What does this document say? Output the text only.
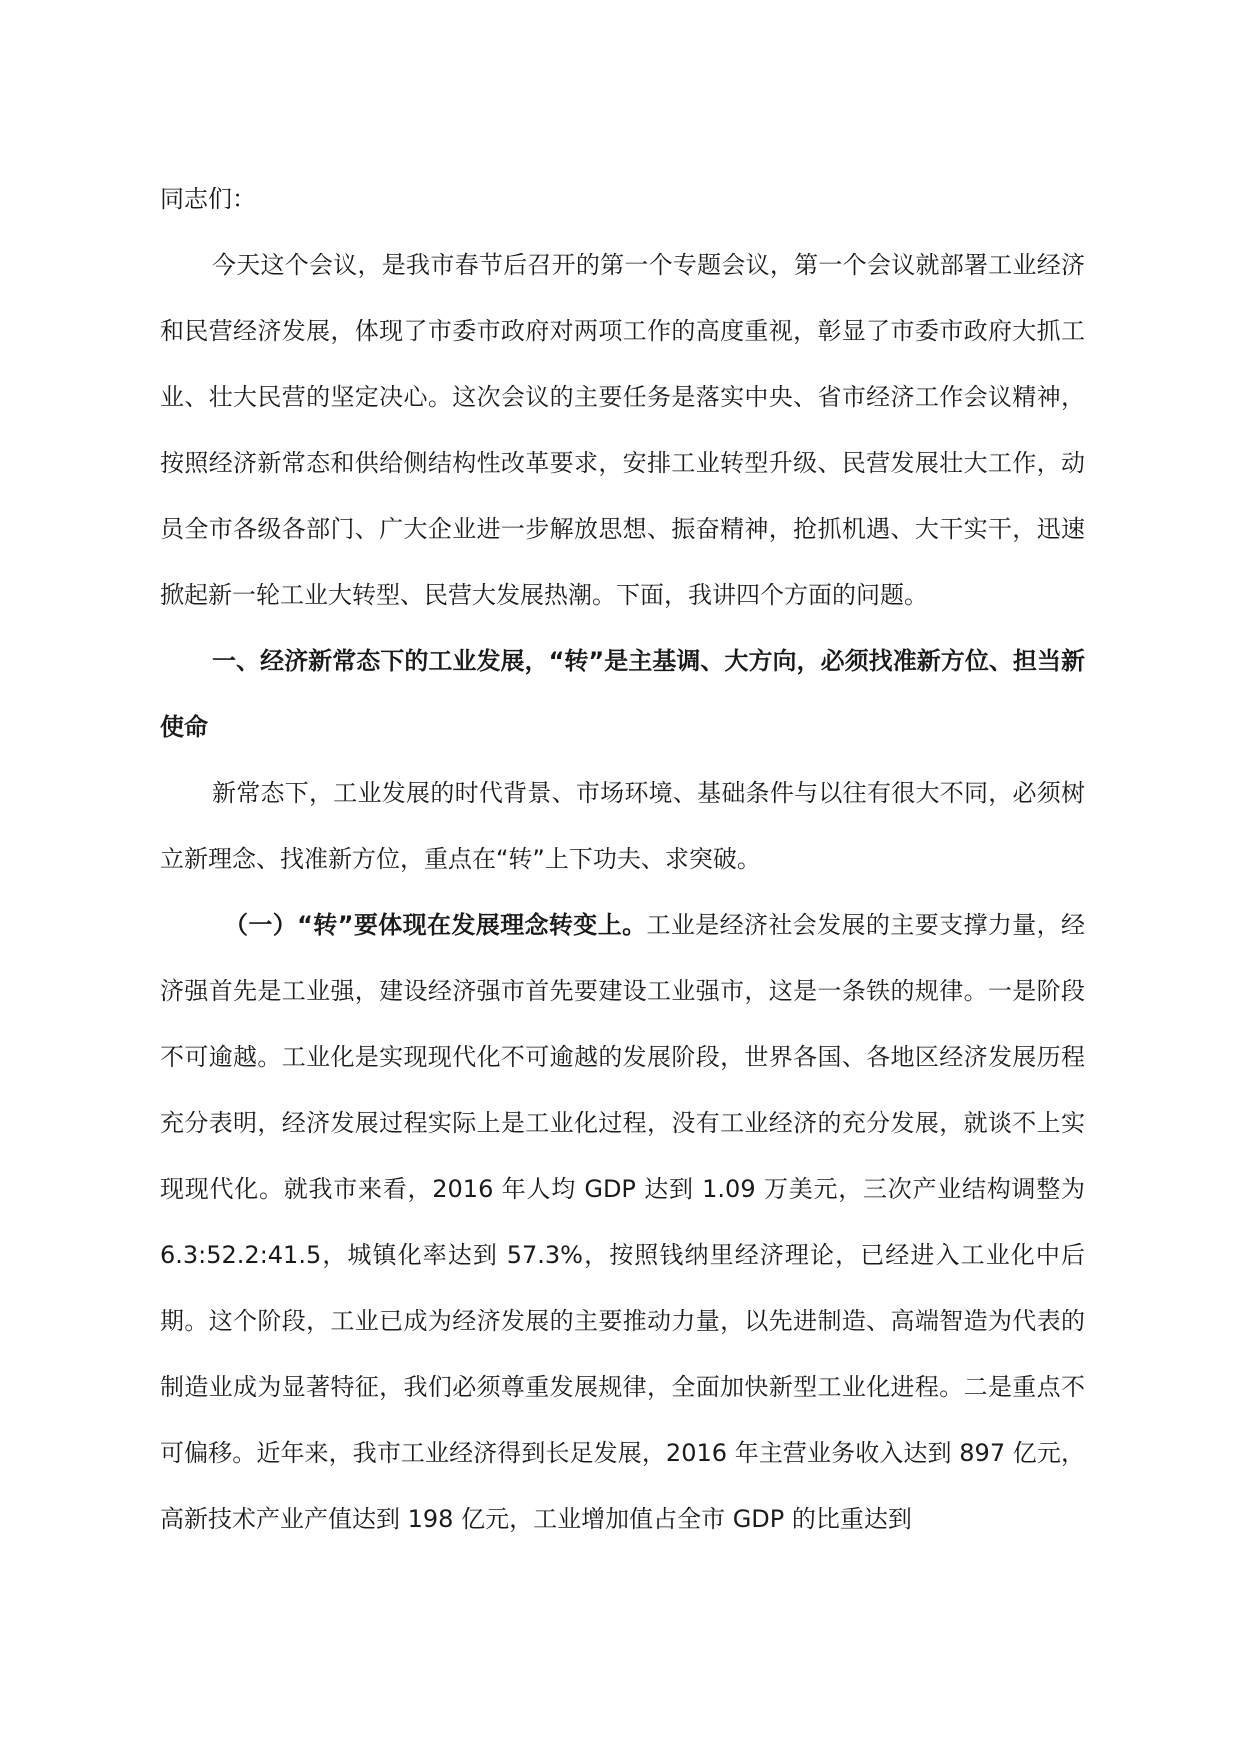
同志们：

今天这个会议，是我市春节后召开的第一个专题会议，第一个会议就部署工业经济和民营经济发展，体现了市委市政府对两项工作的高度重视，彰显了市委市政府大抓工业、壮大民营的坚定决心。这次会议的主要任务是落实中央、省市经济工作会议精神，按照经济新常态和供给侧结构性改革要求，安排工业转型升级、民营发展壮大工作，动员全市各级各部门、广大企业进一步解放思想、振奋精神，抢抓机遇、大干实干，迅速掀起新一轮工业大转型、民营大发展热潮。下面，我讲四个方面的问题。

一、经济新常态下的工业发展，“转”是主基调、大方向，必须找准新方位、担当新使命

新常态下，工业发展的时代背景、市场环境、基础条件与以往有很大不同，必须树立新理念、找准新方位，重点在“转”上下功夫、求突破。

（一）“转”要体现在发展理念转变上。工业是经济社会发展的主要支撑力量，经济强首先是工业强，建设经济强市首先要建设工业强市，这是一条铁的规律。一是阶段不可逾越。工业化是实现现代化不可逾越的发展阶段，世界各国、各地区经济发展历程充分表明，经济发展过程实际上是工业化过程，没有工业经济的充分发展，就谈不上实现现代化。就我市来看，2016 年人均 GDP 达到 1.09 万美元，三次产业结构调整为 6.3:52.2:41.5，城镇化率达到 57.3%，按照钱纳里经济理论，已经进入工业化中后期。这个阶段，工业已成为经济发展的主要推动力量，以先进制造、高端智造为代表的制造业成为显著特征，我们必须尊重发展规律，全面加快新型工业化进程。二是重点不可偏移。近年来，我市工业经济得到长足发展，2016 年主营业务收入达到 897 亿元，高新技术产业产值达到 198 亿元，工业增加值占全市 GDP 的比重达到
